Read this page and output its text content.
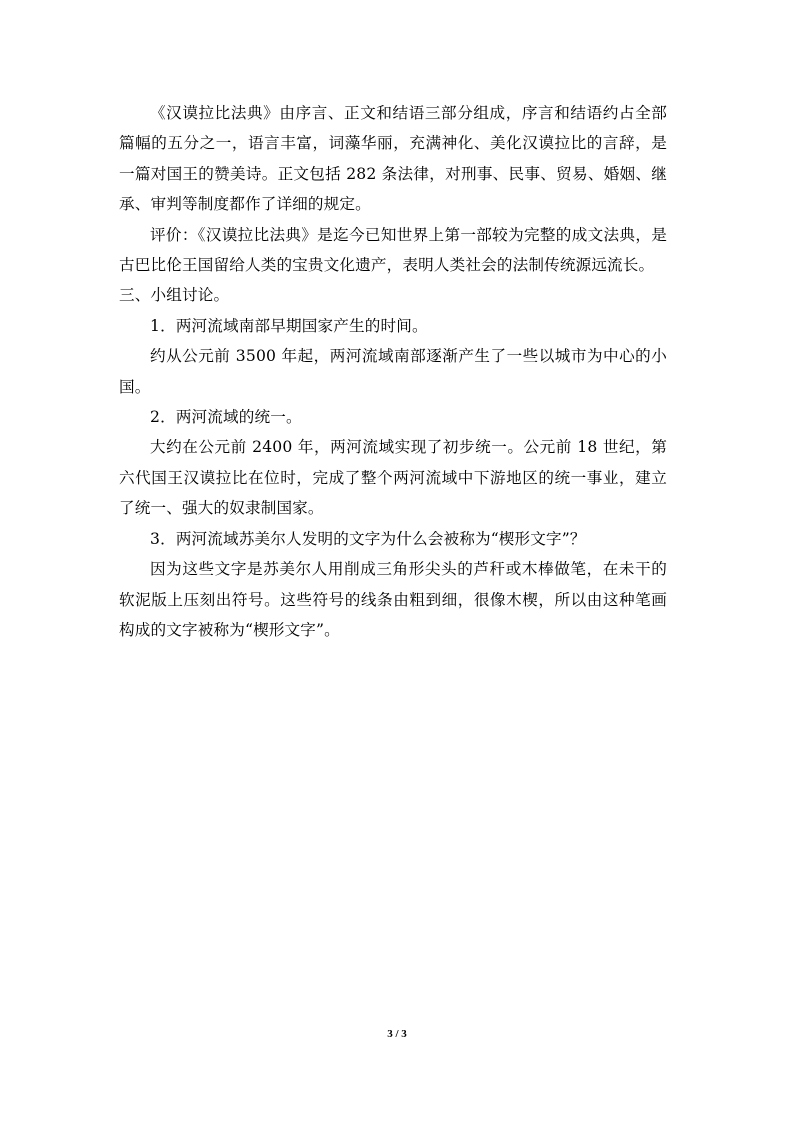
《汉谟拉比法典》由序言、正文和结语三部分组成，序言和结语约占全部篇幅的五分之一，语言丰富，词藻华丽，充满神化、美化汉谟拉比的言辞，是一篇对国王的赞美诗。正文包括 282 条法律，对刑事、民事、贸易、婚姻、继承、审判等制度都作了详细的规定。

评价：《汉谟拉比法典》是迄今已知世界上第一部较为完整的成文法典，是古巴比伦王国留给人类的宝贵文化遗产，表明人类社会的法制传统源远流长。

三、小组讨论。

1．两河流域南部早期国家产生的时间。

约从公元前 3500 年起，两河流域南部逐渐产生了一些以城市为中心的小国。

2．两河流域的统一。

大约在公元前 2400 年，两河流域实现了初步统一。公元前 18 世纪，第六代国王汉谟拉比在位时，完成了整个两河流域中下游地区的统一事业，建立了统一、强大的奴隶制国家。

3．两河流域苏美尔人发明的文字为什么会被称为“楔形文字”？

因为这些文字是苏美尔人用削成三角形尖头的芦秆或木棒做笔，在未干的软泥版上压刻出符号。这些符号的线条由粗到细，很像木楔，所以由这种笔画构成的文字被称为“楔形文字”。

3 / 3
